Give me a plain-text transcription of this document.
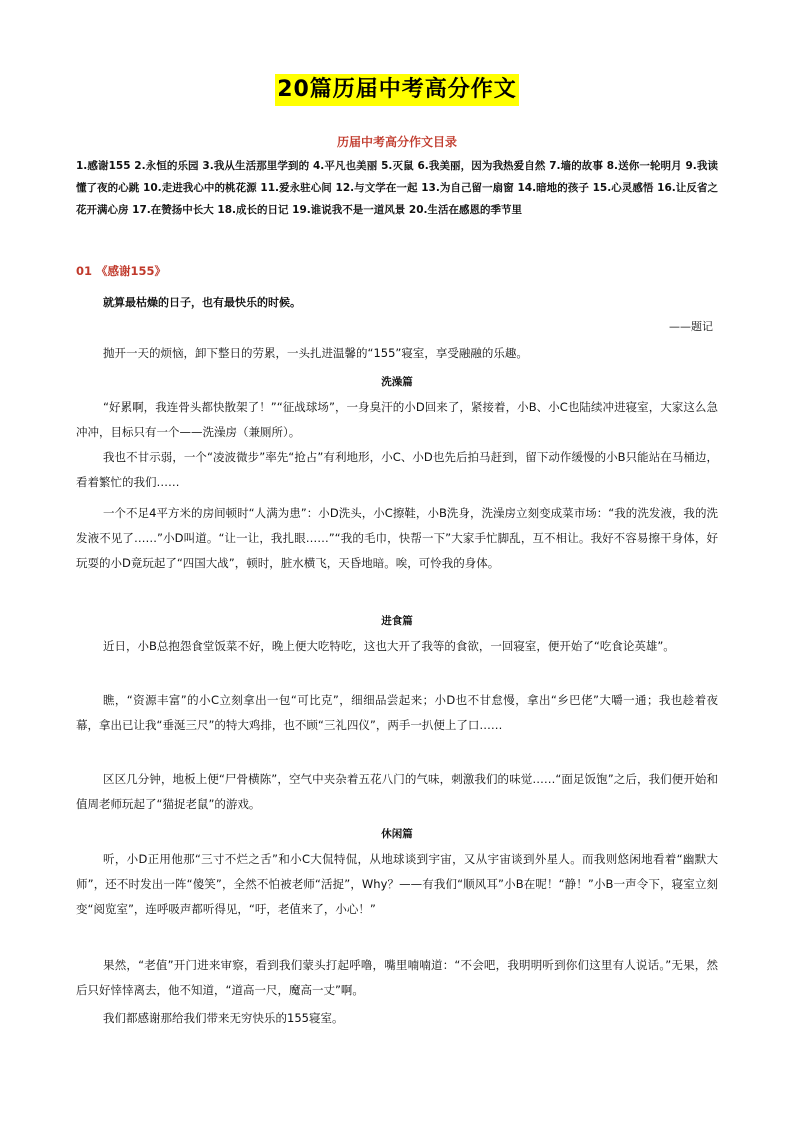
20篇历届中考高分作文
历届中考高分作文目录
1.感谢155 2.永恒的乐园 3.我从生活那里学到的 4.平凡也美丽 5.灭鼠 6.我美丽，因为我热爱自然 7.墙的故事 8.送你一轮明月 9.我读懂了夜的心跳 10.走进我心中的桃花源 11.爱永驻心间 12.与文学在一起 13.为自己留一扇窗 14.暗地的孩子 15.心灵感悟 16.让反省之花开满心房 17.在赞扬中长大 18.成长的日记 19.谁说我不是一道风景 20.生活在感恩的季节里
01 《感谢155》
就算最枯燥的日子，也有最快乐的时候。
——题记
抛开一天的烦恼，卸下整日的劳累，一头扎进温馨的“155”寝室，享受融融的乐趣。
洗澡篇
“好累啊，我连骨头都快散架了！”“征战球场”，一身臭汗的小D回来了，紧接着，小B、小C也陆续冲进寝室，大家这么急冲冲，目标只有一个——洗澡房（兼厕所）。
我也不甘示弱，一个“凌波微步”率先“抢占”有利地形，小C、小D也先后拍马赶到，留下动作缓慢的小B只能站在马桶边，看着繁忙的我们……
一个不足4平方米的房间顿时“人满为患”：小D洗头，小C擦鞋，小B洗身，洗澡房立刻变成菜市场：“我的洗发液，我的洗发液不见了……”小D叫道。“让一让，我扎眼……”“我的毛巾，快帮一下”大家手忙脚乱，互不相让。我好不容易擦干身体，好玩耍的小D竟玩起了“四国大战”，顿时，脏水横飞，天昏地暗。唉，可怜我的身体。
进食篇
近日，小B总抱怨食堂饭菜不好，晚上便大吃特吃，这也大开了我等的食欲，一回寝室，便开始了“吃食论英雄”。
瞧，“资源丰富”的小C立刻拿出一包“可比克”，细细品尝起来；小D也不甘怠慢，拿出“乡巴佬”大嚼一通；我也趁着夜幕，拿出已让我“垂涎三尺”的特大鸡排，也不顾“三礼四仪”，两手一扒便上了口……
区区几分钟，地板上便“尸骨横陈”，空气中夹杂着五花八门的气味，刺激我们的味觉……“面足饭饱”之后，我们便开始和值周老师玩起了“猫捉老鼠”的游戏。
休闲篇
听，小D正用他那“三寸不烂之舌”和小C大侃特侃，从地球谈到宇宙，又从宇宙谈到外星人。而我则悠闲地看着“幽默大师”，还不时发出一阵“傻笑”，全然不怕被老师“活捉”，Why？——有我们“顺风耳”小B在呢！“静！”小B一声令下，寝室立刻变“阅览室”，连呼吸声都听得见，“吁，老值来了，小心！”
果然，“老值”开门进来审察，看到我们蒙头打起呼噜，嘴里喃喃道：“不会吧，我明明听到你们这里有人说话。”无果，然后只好悻悻离去，他不知道，“道高一尺，魔高一丈”啊。
我们都感谢那给我们带来无穷快乐的155寝室。
